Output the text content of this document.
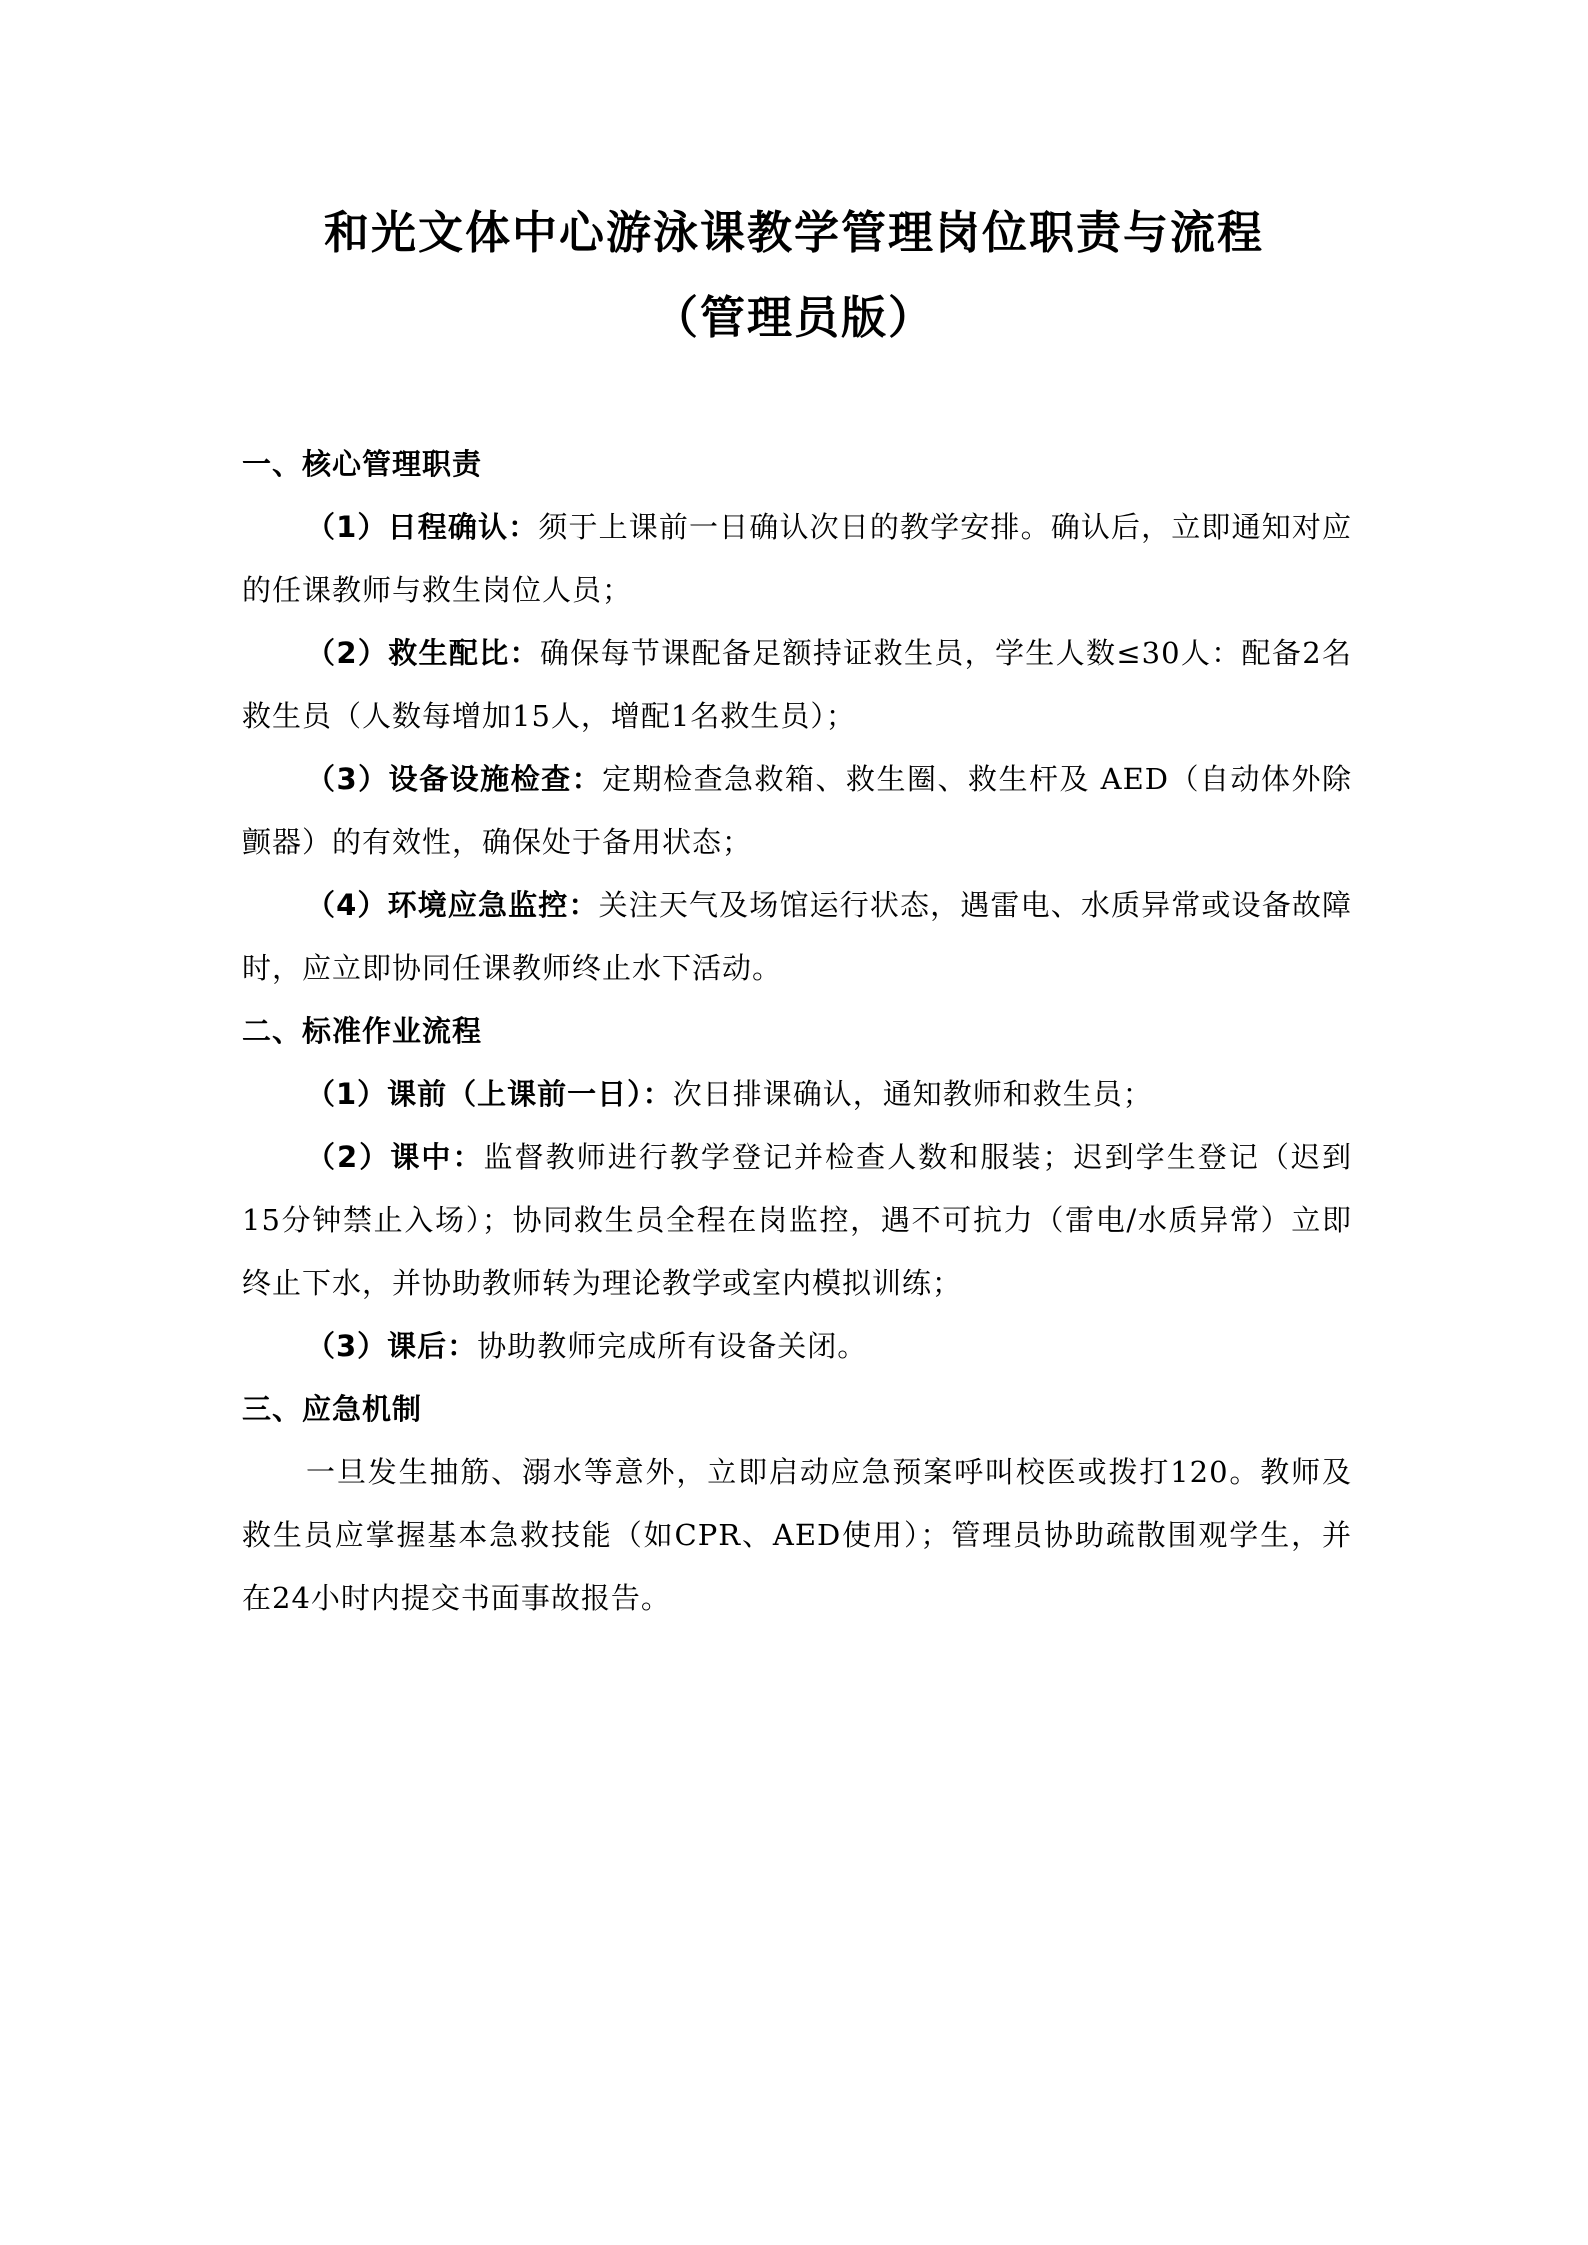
和光文体中心游泳课教学管理岗位职责与流程
（管理员版）

一、核心管理职责

（1）日程确认：须于上课前一日确认次日的教学安排。确认后，立即通知对应的任课教师与救生岗位人员；

（2）救生配比：确保每节课配备足额持证救生员，学生人数≤30人：配备2名救生员（人数每增加15人，增配1名救生员）；

（3）设备设施检查：定期检查急救箱、救生圈、救生杆及 AED（自动体外除颤器）的有效性，确保处于备用状态；

（4）环境应急监控：关注天气及场馆运行状态，遇雷电、水质异常或设备故障时，应立即协同任课教师终止水下活动。

二、标准作业流程

（1）课前（上课前一日）：次日排课确认，通知教师和救生员；

（2）课中：监督教师进行教学登记并检查人数和服装；迟到学生登记（迟到15分钟禁止入场）；协同救生员全程在岗监控，遇不可抗力（雷电/水质异常）立即终止下水，并协助教师转为理论教学或室内模拟训练；

（3）课后：协助教师完成所有设备关闭。

三、应急机制

一旦发生抽筋、溺水等意外，立即启动应急预案呼叫校医或拨打120。教师及救生员应掌握基本急救技能（如CPR、AED使用）；管理员协助疏散围观学生，并在24小时内提交书面事故报告。
